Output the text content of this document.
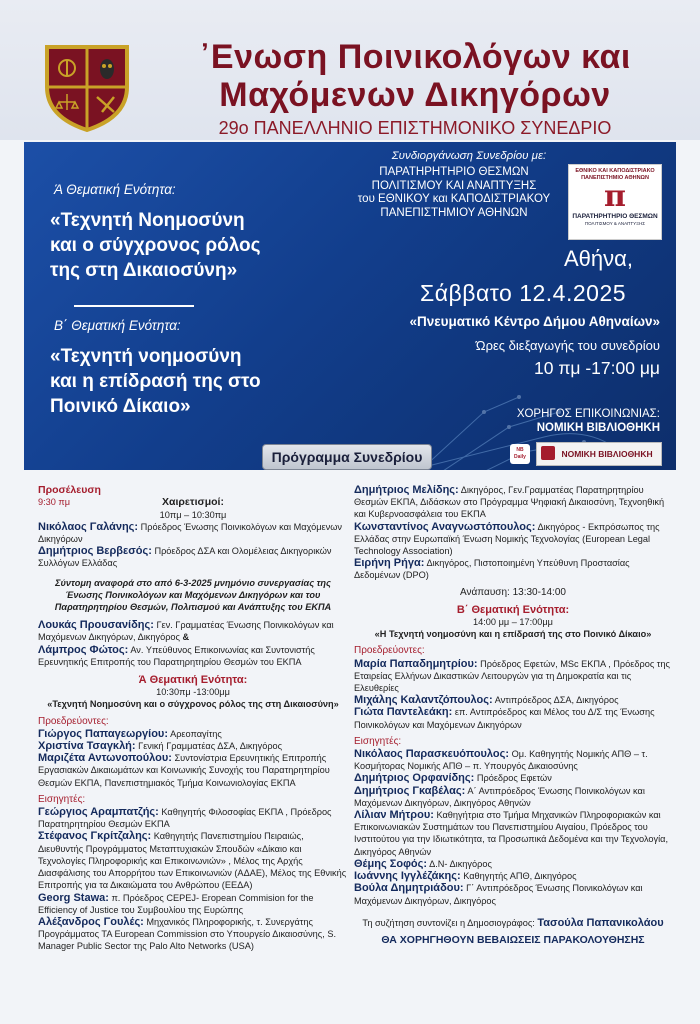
᾿Ενωση Ποινικολόγων και
Μαχόμενων Δικηγόρων
29ο ΠΑΝΕΛΛΗΝΙΟ ΕΠΙΣΤΗΜΟΝΙΚΟ ΣΥΝΕΔΡΙΟ
Συνδιοργάνωση Συνεδρίου με:
ΠΑΡΑΤΗΡΗΤΗΡΙΟ ΘΕΣΜΩΝ
ΠΟΛΙΤΙΣΜΟΥ ΚΑΙ ΑΝΑΠΤΥΞΗΣ
του ΕΘΝΙΚΟΥ και ΚΑΠΟΔΙΣΤΡΙΑΚΟΥ
ΠΑΝΕΠΙΣΤΗΜΙΟΥ ΑΘΗΝΩΝ
ΕΘΝΙΚΟ ΚΑΙ ΚΑΠΟΔΙΣΤΡΙΑΚΟ ΠΑΝΕΠΙΣΤΗΜΙΟ ΑΘΗΝΩΝ
π
ΠΑΡΑΤΗΡΗΤΗΡΙΟ ΘΕΣΜΩΝ
ΠΟΛΙΤΙΣΜΟΥ & ΑΝΑΠΤΥΞΗΣ
Ά Θεματική Ενότητα:
«Τεχνητή Νοημοσύνη
και ο σύγχρονος ρόλος
της στη Δικαιοσύνη»
Β΄ Θεματική Ενότητα:
«Τεχνητή νοημοσύνη
και η επίδρασή της στο
Ποινικό Δίκαιο»
Αθήνα,
Σάββατο 12.4.2025
«Πνευματικό Κέντρο Δήμου Αθηναίων»
Ώρες διεξαγωγής του συνεδρίου
10 πμ -17:00 μμ
ΧΟΡΗΓΟΣ ΕΠΙΚΟΙΝΩΝΙΑΣ:
ΝΟΜΙΚΗ ΒΙΒΛΙΟΘΗΚΗ
NB Daily	ΝΟΜΙΚΗ ΒΙΒΛΙΟΘΗΚΗ
Πρόγραμμα Συνεδρίου

Προσέλευση

9:30 πμ	Χαιρετισμοί:

10πμ – 10:30πμ

Νικόλαος Γαλάνης: Πρόεδρος Ένωσης Ποινικολόγων και Μαχόμενων Δικηγόρων

Δημήτριος Βερβεσός: Πρόεδρος ΔΣΑ και Ολομέλειας Δικηγορικών Συλλόγων Ελλάδας

Σύντομη αναφορά στο από 6-3-2025 μνημόνιο συνεργασίας της Ένωσης Ποινικολόγων και Μαχόμενων Δικηγόρων και του Παρατηρητηρίου Θεσμών, Πολιτισμού και Ανάπτυξης του ΕΚΠΑ

Λουκάς Προυσανίδης: Γεν. Γραμματέας Ένωσης Ποινικολόγων και Μαχόμενων Δικηγόρων, Δικηγόρος &

Λάμπρος Φώτος: Αν. Υπεύθυνος Επικοινωνίας και Συντονιστής Ερευνητικής Επιτροπής του Παρατηρητηρίου Θεσμών του ΕΚΠΑ

Ά Θεματική Ενότητα:

10:30πμ -13:00μμ

«Τεχνητή Νοημοσύνη και ο σύγχρονος ρόλος της στη Δικαιοσύνη»

Προεδρεύοντες:

Γιώργος Παπαγεωργίου: Αρεοπαγίτης

Χριστίνα Τσαγκλή: Γενική Γραμματέας ΔΣΑ, Δικηγόρος

Μαριζέτα Αντωνοπούλου: Συντονίστρια Ερευνητικής Επιτροπής Εργασιακών Δικαιωμάτων και Κοινωνικής Συνοχής του Παρατηρητηρίου Θεσμών ΕΚΠΑ, Πανεπιστημιακός Τμήμα Κοινωνιολογίας ΕΚΠΑ

Εισηγητές:

Γεώργιος Αραμπατζής: Καθηγητής Φιλοσοφίας ΕΚΠΑ , Πρόεδρος Παρατηρητηρίου Θεσμών ΕΚΠΑ

Στέφανος Γκρίτζαλης: Καθηγητής Πανεπιστημίου Πειραιώς, Διευθυντής Προγράμματος Μεταπτυχιακών Σπουδών «Δίκαιο και Τεχνολογίες Πληροφορικής και Επικοινωνιών» , Μέλος της Αρχής Διασφάλισης του Απορρήτου των Επικοινωνιών (ΑΔΑΕ), Μέλος της Εθνικής Επιτροπής για τα Δικαιώματα του Ανθρώπου (ΕΕΔΑ)

Georg Stawa: π. Πρόεδρος CEPEJ- Eropean Commision for the Efficiency of Justice του Συμβουλίου της Ευρώπης

Αλέξανδρος Γουλές: Μηχανικός Πληροφορικής, τ. Συνεργάτης Προγράμματος ΤΑ European Commission στο Υπουργείο Δικαιοσύνης, S. Manager Public Sector της Palo Alto Networks (USA)

Δημήτριος Μελίδης: Δικηγόρος, Γεν.Γραμματέας Παρατηρητηρίου Θεσμών ΕΚΠΑ, Διδάσκων στο Πρόγραμμα Ψηφιακή Δικαιοσύνη, Τεχνοηθική και Κυβερνοασφάλεια του ΕΚΠΑ

Κωνσταντίνος Αναγνωστόπουλος: Δικηγόρος - Εκπρόσωπος της Ελλάδας στην Ευρωπαϊκή Ένωση Νομικής Τεχνολογίας (European Legal Technology Association)

Ειρήνη Ρήγα: Δικηγόρος, Πιστοποιημένη Υπεύθυνη Προστασίας Δεδομένων (DPO)

Ανάπαυση: 13:30-14:00

Β΄ Θεματική Ενότητα:

14:00 μμ – 17:00μμ

«Η Τεχνητή νοημοσύνη και η επίδρασή της στο Ποινικό Δίκαιο»

Προεδρεύοντες:

Μαρία Παπαδημητρίου: Πρόεδρος Εφετών, MSc ΕΚΠΑ , Πρόεδρος της Εταιρείας Ελλήνων Δικαστικών Λειτουργών για τη Δημοκρατία και τις Ελευθερίες

Μιχάλης Καλαντζόπουλος: Αντιπρόεδρος ΔΣΑ, Δικηγόρος

Γιώτα Παντελεάκη: επ. Αντιπρόεδρος και Μέλος του Δ/Σ της Ένωσης Ποινικολόγων και Μαχόμενων Δικηγόρων

Εισηγητές:

Νικόλαος Παρασκευόπουλος: Ομ. Καθηγητής Νομικής ΑΠΘ – τ. Κοσμήτορας Νομικής ΑΠΘ – π. Υπουργός Δικαιοσύνης

Δημήτριος Ορφανίδης: Πρόεδρος Εφετών

Δημήτριος Γκαβέλας: Α΄ Αντιπρόεδρος Ένωσης Ποινικολόγων και Μαχόμενων Δικηγόρων, Δικηγόρος Αθηνών

Λίλιαν Μήτρου: Καθηγήτρια στο Τμήμα Μηχανικών Πληροφοριακών και Επικοινωνιακών Συστημάτων του Πανεπιστημίου Αιγαίου, Πρόεδρος του Ινστιτούτου για την Ιδιωτικότητα, τα Προσωπικά Δεδομένα και την Τεχνολογία, Δικηγόρος Αθηνών

Θέμης Σοφός: Δ.Ν- Δικηγόρος

Ιωάννης Ιγγλέζάκης: Καθηγητής ΑΠΘ, Δικηγόρος

Βούλα Δημητριάδου: Γ΄ Αντιπρόεδρος Ένωσης Ποινικολόγων και Μαχόμενων Δικηγόρων, Δικηγόρος

Τη συζήτηση συντονίζει η Δημοσιογράφος: Τασούλα Παπανικολάου

ΘΑ ΧΟΡΗΓΗΘΟΥΝ ΒΕΒΑΙΩΣΕΙΣ ΠΑΡΑΚΟΛΟΥΘΗΣΗΣ
